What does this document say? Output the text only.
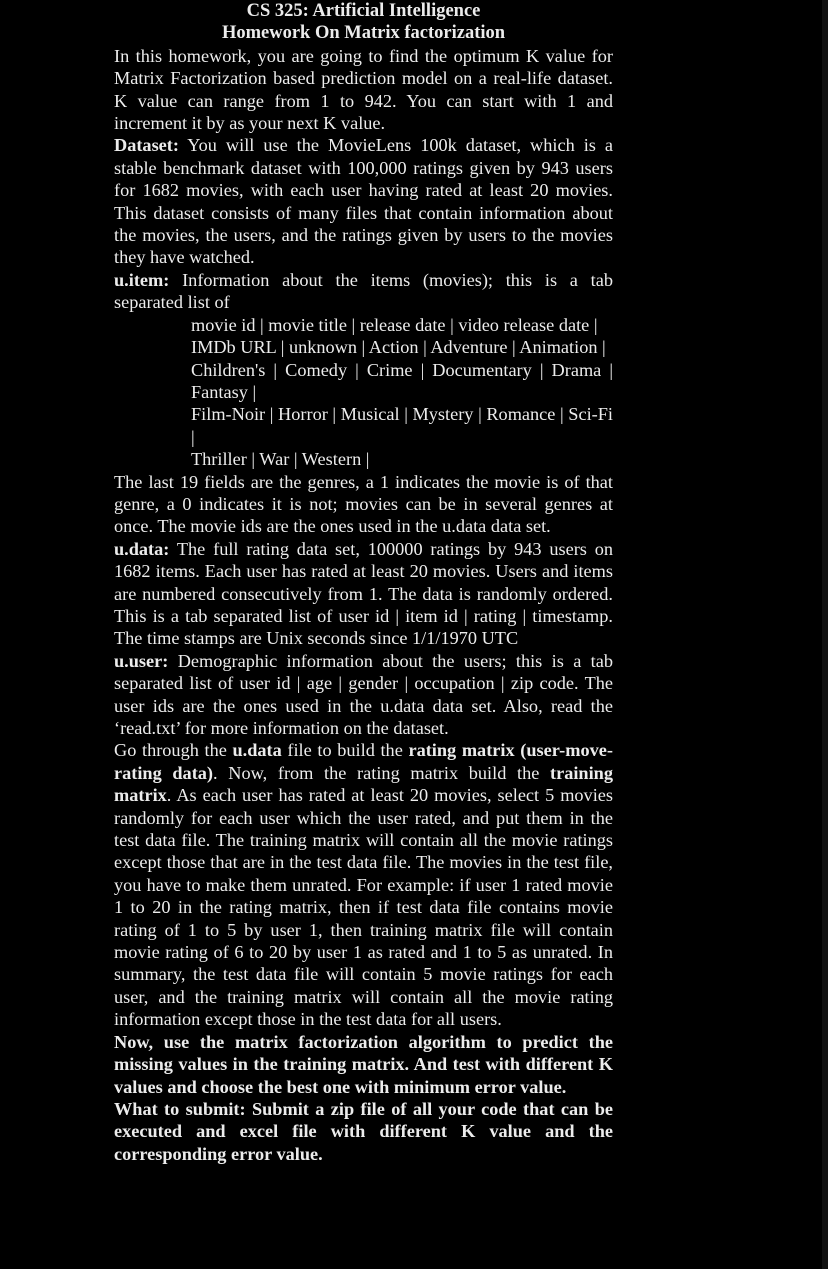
CS 325: Artificial Intelligence
Homework On Matrix factorization

In this homework, you are going to find the optimum K value for Matrix Factorization based prediction model on a real-life dataset. K value can range from 1 to 942. You can start with 1 and increment it by as your next K value.

Dataset: You will use the MovieLens 100k dataset, which is a stable benchmark dataset with 100,000 ratings given by 943 users for 1682 movies, with each user having rated at least 20 movies. This dataset consists of many files that contain information about the movies, the users, and the ratings given by users to the movies they have watched.

u.item: Information about the items (movies); this is a tab separated list of

movie id | movie title | release date | video release date |
IMDb URL | unknown | Action | Adventure | Animation |
Children's | Comedy | Crime | Documentary | Drama | Fantasy |
Film-Noir | Horror | Musical | Mystery | Romance | Sci-Fi |
Thriller | War | Western |

The last 19 fields are the genres, a 1 indicates the movie is of that genre, a 0 indicates it is not; movies can be in several genres at once. The movie ids are the ones used in the u.data data set.

u.data: The full rating data set, 100000 ratings by 943 users on 1682 items. Each user has rated at least 20 movies. Users and items are numbered consecutively from 1. The data is randomly ordered. This is a tab separated list of user id | item id | rating | timestamp. The time stamps are Unix seconds since 1/1/1970 UTC

u.user: Demographic information about the users; this is a tab separated list of user id | age | gender | occupation | zip code. The user ids are the ones used in the u.data data set. Also, read the ‘read.txt’ for more information on the dataset.

Go through the u.data file to build the rating matrix (user-move-rating data). Now, from the rating matrix build the training matrix. As each user has rated at least 20 movies, select 5 movies randomly for each user which the user rated, and put them in the test data file. The training matrix will contain all the movie ratings except those that are in the test data file. The movies in the test file, you have to make them unrated. For example: if user 1 rated movie 1 to 20 in the rating matrix, then if test data file contains movie rating of 1 to 5 by user 1, then training matrix file will contain movie rating of 6 to 20 by user 1 as rated and 1 to 5 as unrated. In summary, the test data file will contain 5 movie ratings for each user, and the training matrix will contain all the movie rating information except those in the test data for all users.

Now, use the matrix factorization algorithm to predict the missing values in the training matrix. And test with different K values and choose the best one with minimum error value.

What to submit: Submit a zip file of all your code that can be executed and excel file with different K value and the corresponding error value.
